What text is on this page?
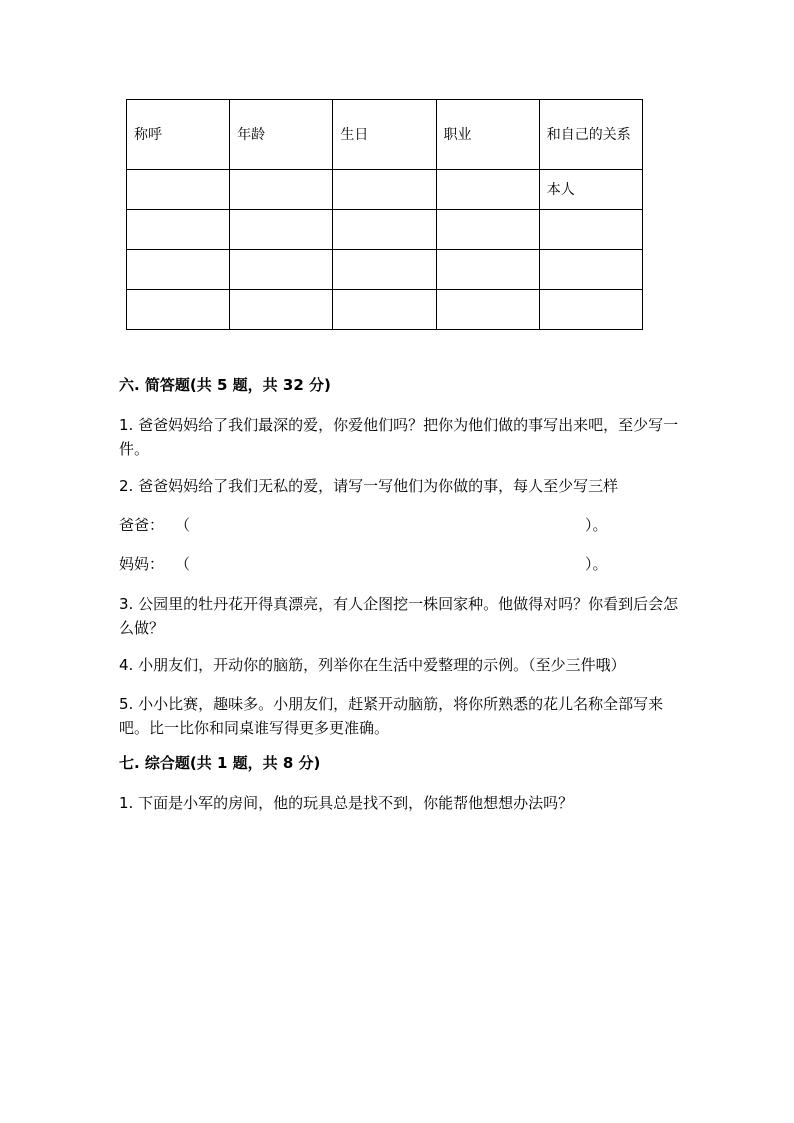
称呼	年龄	生日	职业	和自己的关系
				本人

六. 简答题(共 5 题，共 32 分)
1. 爸爸妈妈给了我们最深的爱，你爱他们吗？把你为他们做的事写出来吧，至少写一件。
2. 爸爸妈妈给了我们无私的爱，请写一写他们为你做的事，每人至少写三样
爸爸： （	）。
妈妈： （	）。
3. 公园里的牡丹花开得真漂亮，有人企图挖一株回家种。他做得对吗？你看到后会怎么做？
4. 小朋友们，开动你的脑筋，列举你在生活中爱整理的示例。（至少三件哦）
5. 小小比赛，趣味多。小朋友们，赶紧开动脑筋，将你所熟悉的花儿名称全部写来吧。比一比你和同桌谁写得更多更准确。
七. 综合题(共 1 题，共 8 分)
1. 下面是小军的房间，他的玩具总是找不到，你能帮他想想办法吗？
